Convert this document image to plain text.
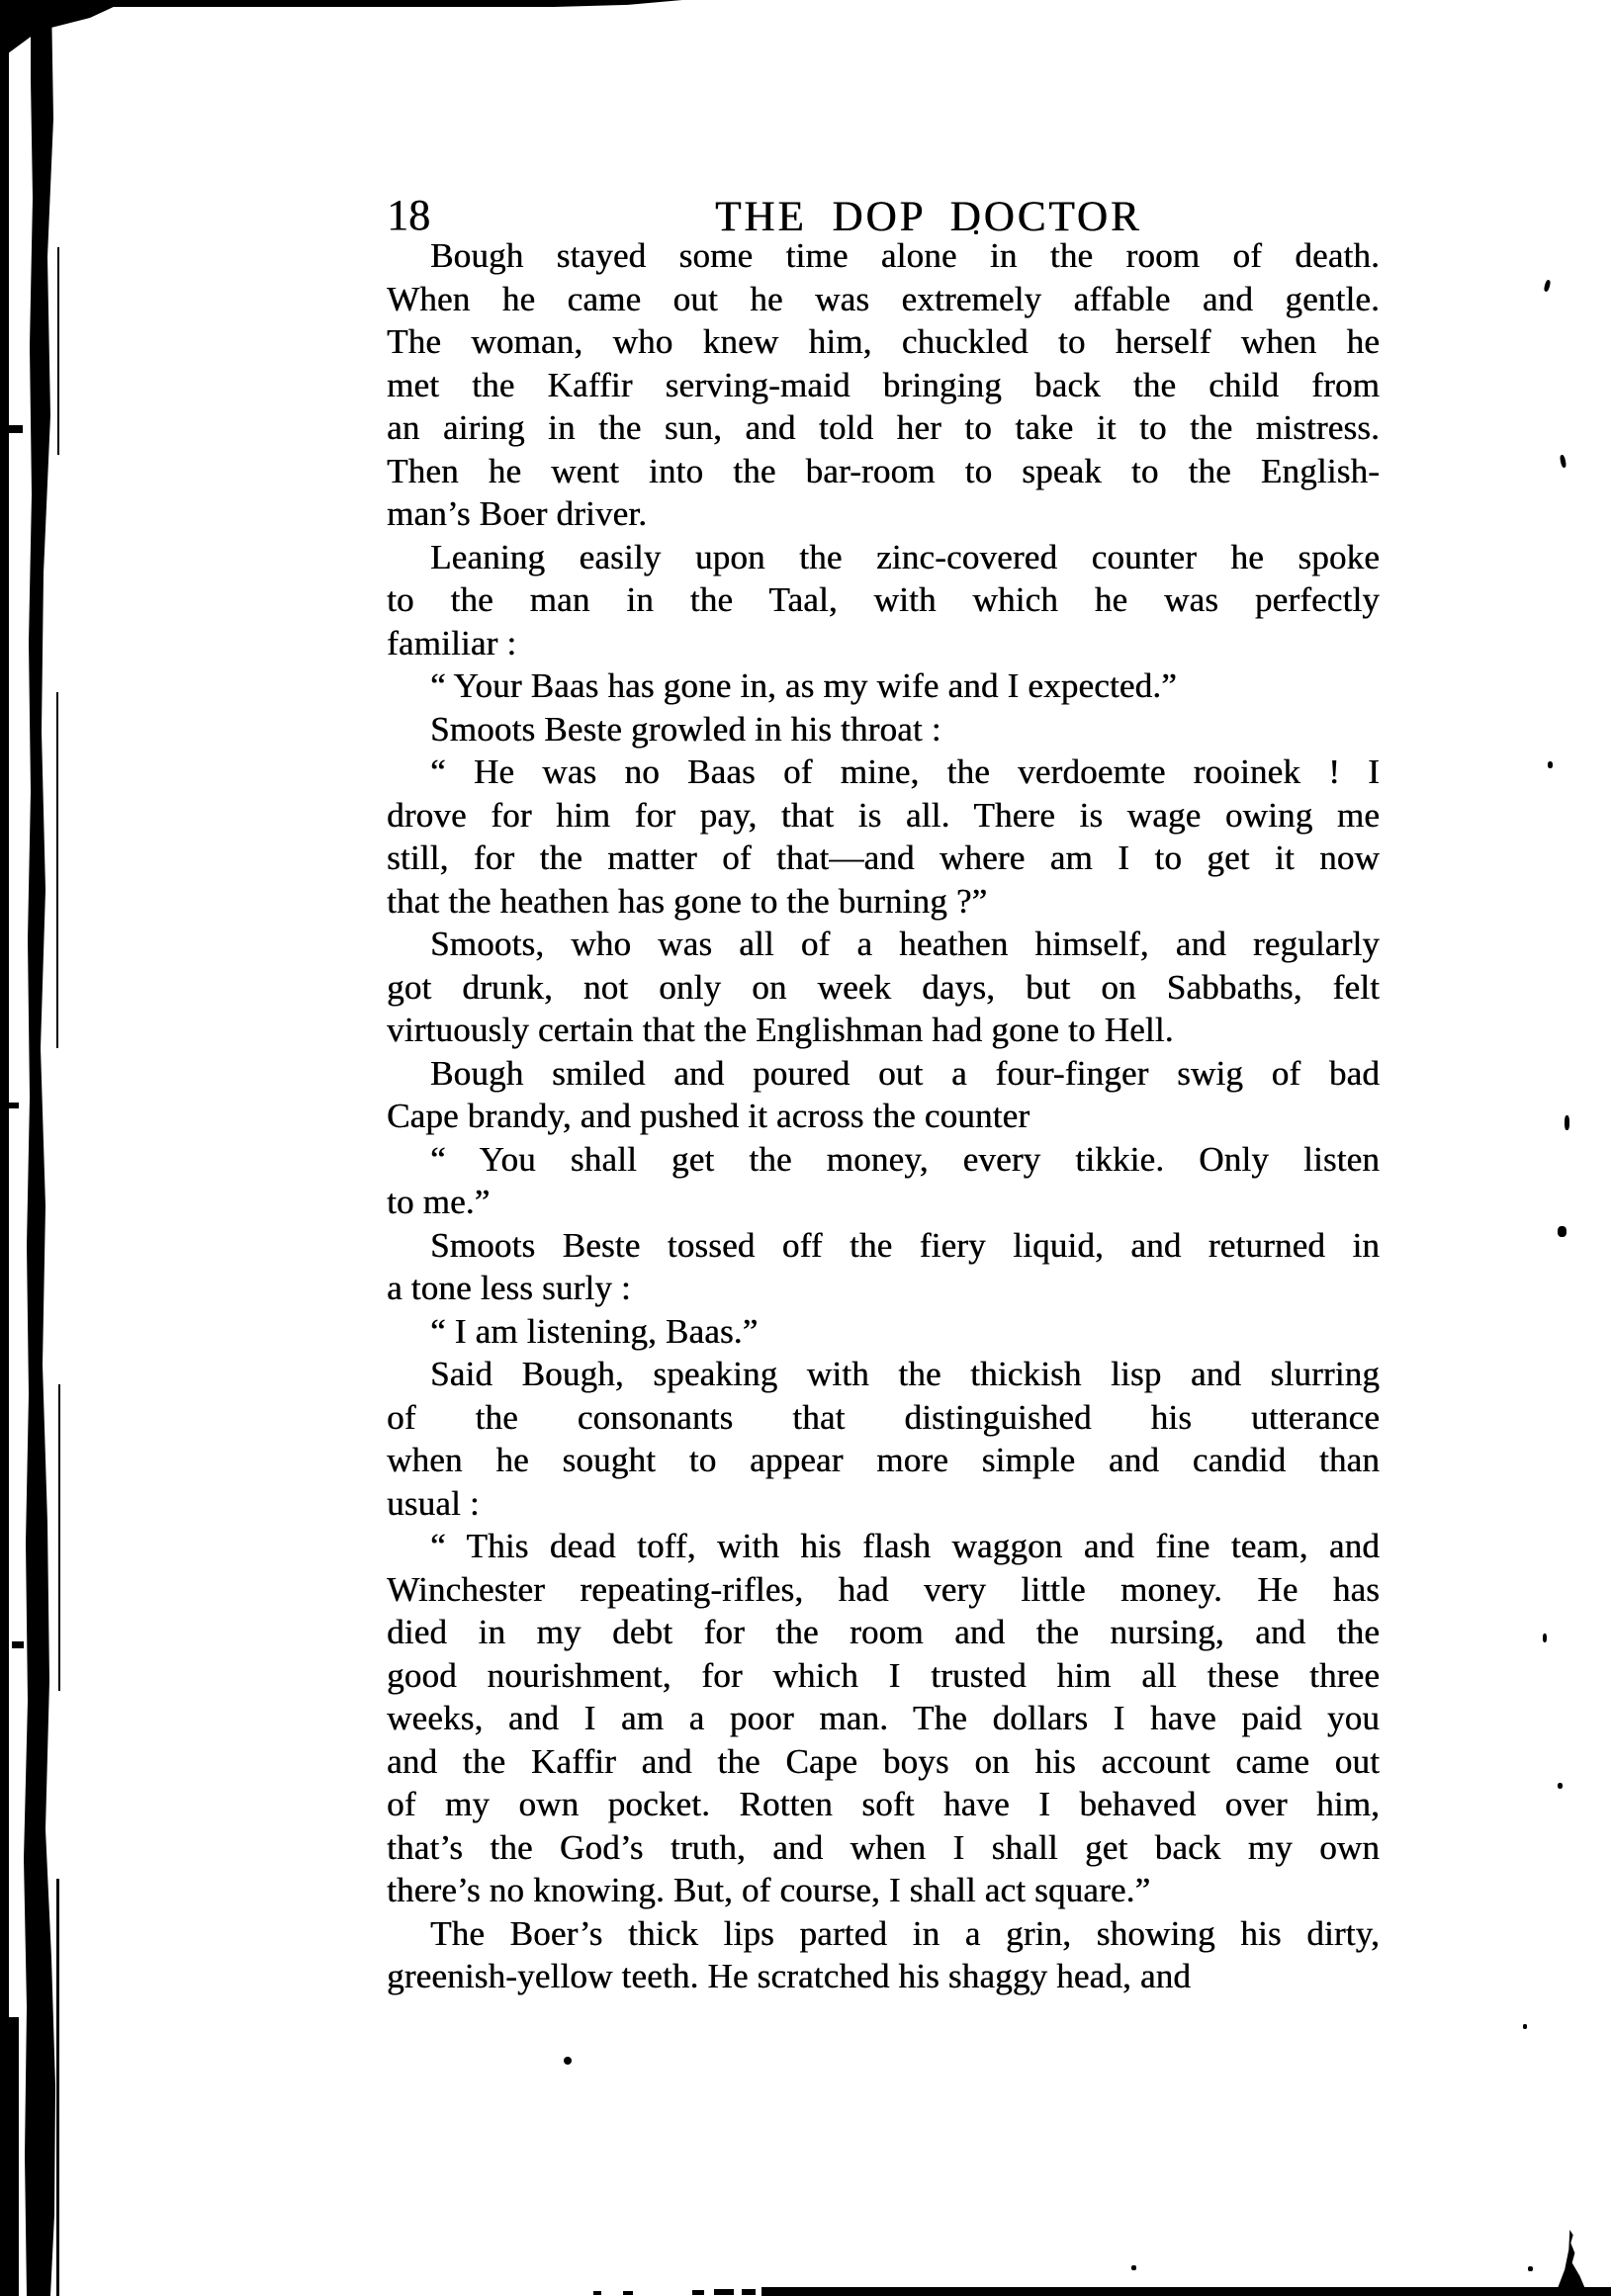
18	THE DOP DOCTOR
Bough stayed some time alone in the room of death.
When he came out he was extremely affable and gentle.
The woman, who knew him, chuckled to herself when he
met the Kaffir serving-maid bringing back the child from
an airing in the sun, and told her to take it to the mistress.
Then he went into the bar-room to speak to the English-
man’s Boer driver.
Leaning easily upon the zinc-covered counter he spoke
to the man in the Taal, with which he was perfectly
familiar :
“ Your Baas has gone in, as my wife and I expected.”
Smoots Beste growled in his throat :
“ He was no Baas of mine, the verdoemte rooinek ! I
drove for him for pay, that is all. There is wage owing me
still, for the matter of that—and where am I to get it now
that the heathen has gone to the burning ?”
Smoots, who was all of a heathen himself, and regularly
got drunk, not only on week days, but on Sabbaths, felt
virtuously certain that the Englishman had gone to Hell.
Bough smiled and poured out a four-finger swig of bad
Cape brandy, and pushed it across the counter
“ You shall get the money, every tikkie. Only listen
to me.”
Smoots Beste tossed off the fiery liquid, and returned in
a tone less surly :
“ I am listening, Baas.”
Said Bough, speaking with the thickish lisp and slurring
of the consonants that distinguished his utterance
when he sought to appear more simple and candid than
usual :
“ This dead toff, with his flash waggon and fine team, and
Winchester repeating-rifles, had very little money. He has
died in my debt for the room and the nursing, and the
good nourishment, for which I trusted him all these three
weeks, and I am a poor man. The dollars I have paid you
and the Kaffir and the Cape boys on his account came out
of my own pocket. Rotten soft have I behaved over him,
that’s the God’s truth, and when I shall get back my own
there’s no knowing. But, of course, I shall act square.”
The Boer’s thick lips parted in a grin, showing his dirty,
greenish-yellow teeth. He scratched his shaggy head, and
